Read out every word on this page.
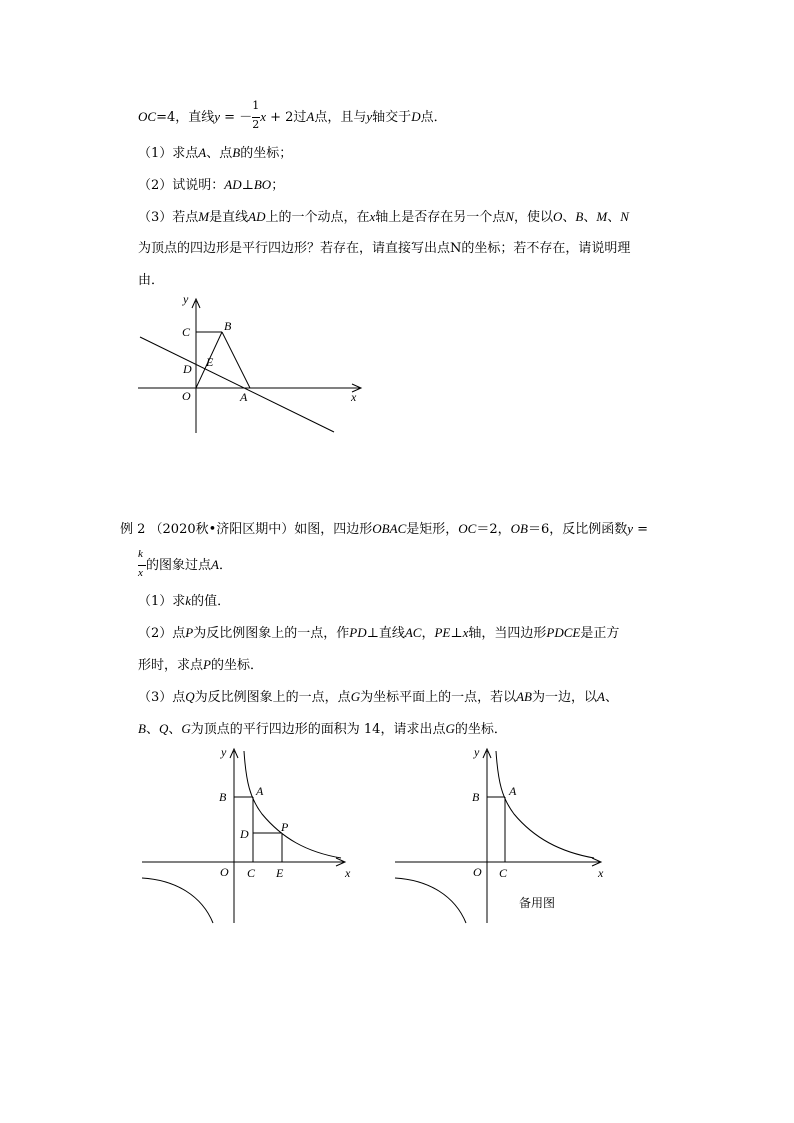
OC=4，直线y = － $\frac{1}{2}$ x + 2过A点，且与y轴交于D点．
（1）求点A、点B的坐标；
（2）试说明：AD⊥BO；
（3）若点M是直线AD上的一个动点，在x轴上是否存在另一个点N，使以O、B、M、N
为顶点的四边形是平行四边形？若存在，请直接写出点N的坐标；若不存在，请说明理
由．
y
C	B
E
D
O	A	x
例 2 （2020秋•济阳区期中）如图，四边形OBAC是矩形，OC＝2，OB＝6，反比例函数y =
$\frac{k}{x}$ 的图象过点A．
（1）求k的值．
（2）点P为反比例图象上的一点，作PD⊥直线AC，PE⊥x轴，当四边形PDCE是正方
形时，求点P的坐标．
（3）点Q为反比例图象上的一点，点G为坐标平面上的一点，若以AB为一边，以A、
B、Q、G为顶点的平行四边形的面积为 14，请求出点G的坐标．
y
B A
D	P
O C E	x
y
B A
O C	x
备用图
